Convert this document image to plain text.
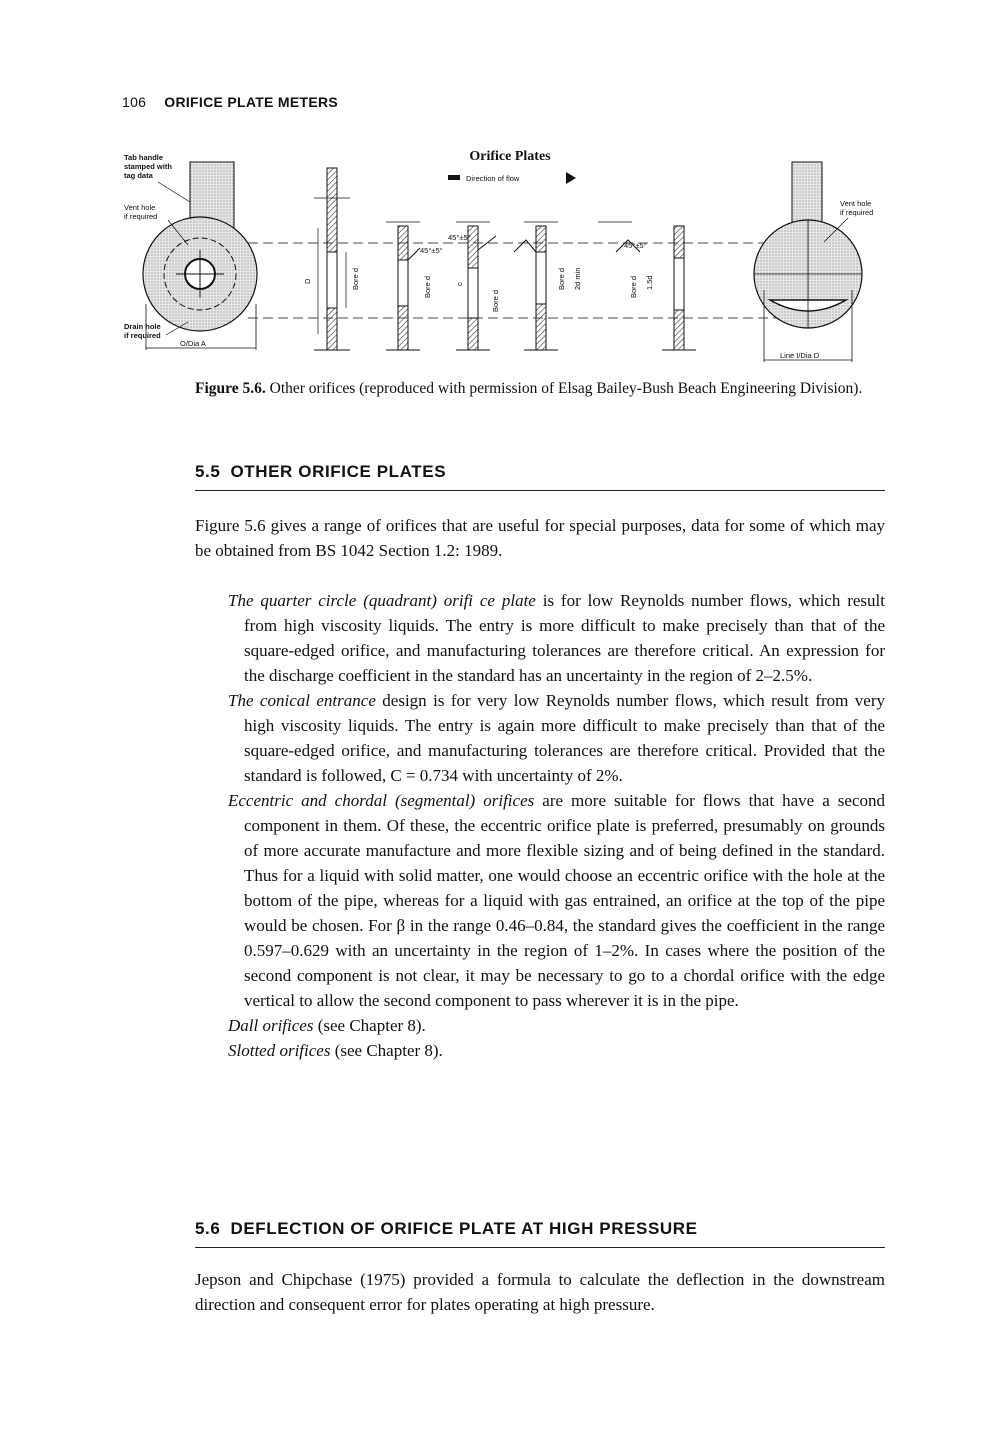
106 ORIFICE PLATE METERS
Orifice Plates
Direction of flow
Tab handle stamped with tag data
Vent hole if required
Drain hole if required
O/Dia A
D	Bore d
45°±5°
Bore d
45°±5°
c
Bore d
Bore d 2d min
45°±5°
Bore d 1.5d
Vent hole if required
Line I/Dia D
Figure 5.6. Other orifices (reproduced with permission of Elsag Bailey-Bush Beach Engineering Division).
5.5 OTHER ORIFICE PLATES
Figure 5.6 gives a range of orifices that are useful for special purposes, data for some of which may be obtained from BS 1042 Section 1.2: 1989.
The quarter circle (quadrant) orifi ce plate is for low Reynolds number flows, which result from high viscosity liquids. The entry is more difficult to make precisely than that of the square-edged orifice, and manufacturing tolerances are therefore critical. An expression for the discharge coefficient in the standard has an uncertainty in the region of 2–2.5%.
The conical entrance design is for very low Reynolds number flows, which result from very high viscosity liquids. The entry is again more difficult to make precisely than that of the square-edged orifice, and manufacturing tolerances are therefore critical. Provided that the standard is followed, C = 0.734 with uncertainty of 2%.
Eccentric and chordal (segmental) orifices are more suitable for flows that have a second component in them. Of these, the eccentric orifice plate is preferred, presumably on grounds of more accurate manufacture and more flexible sizing and of being defined in the standard. Thus for a liquid with solid matter, one would choose an eccentric orifice with the hole at the bottom of the pipe, whereas for a liquid with gas entrained, an orifice at the top of the pipe would be chosen. For β in the range 0.46–0.84, the standard gives the coefficient in the range 0.597–0.629 with an uncertainty in the region of 1–2%. In cases where the position of the second component is not clear, it may be necessary to go to a chordal orifice with the edge vertical to allow the second component to pass wherever it is in the pipe.
Dall orifices (see Chapter 8).
Slotted orifices (see Chapter 8).
5.6 DEFLECTION OF ORIFICE PLATE AT HIGH PRESSURE
Jepson and Chipchase (1975) provided a formula to calculate the deflection in the downstream direction and consequent error for plates operating at high pressure.
